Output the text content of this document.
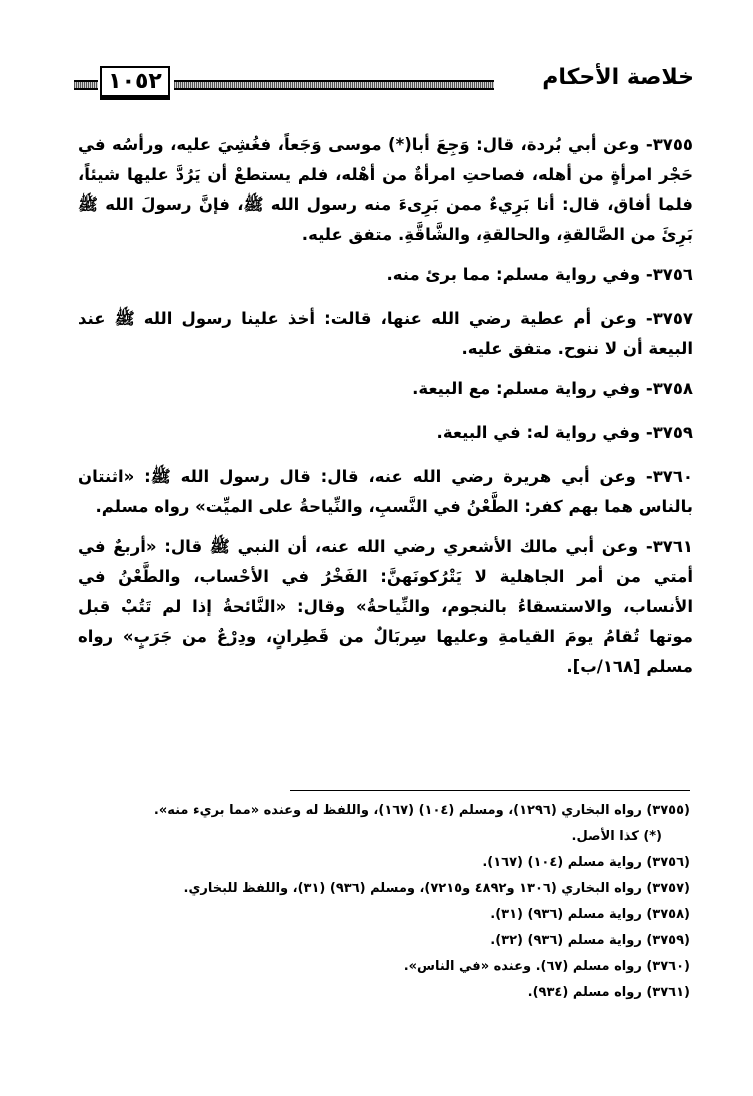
خلاصة الأحكام
١٠٥٢

٣٧٥٥- وعن أبي بُردة، قال: وَجِعَ أبا(*) موسى وَجَعاً، فغُشِيَ عليه، ورأسُه في حَجْر امرأةٍ من أهله، فصاحتِ امرأةٌ من أهْله، فلم يستطعْ أن يَرُدَّ عليها شيئاً، فلما أفاق، قال: أنا بَرِيءٌ ممن بَرِىءَ منه رسول الله ﷺ، فإنَّ رسولَ الله ﷺ بَرِئَ من الصَّالقةِ، والحالقةِ، والشَّاقَّةِ. متفق عليه.

٣٧٥٦- وفي رواية مسلم: مما برئ منه.

٣٧٥٧- وعن أم عطية رضي الله عنها، قالت: أخذ علينا رسول الله ﷺ عند البيعة أن لا ننوح. متفق عليه.

٣٧٥٨- وفي رواية مسلم: مع البيعة.

٣٧٥٩- وفي رواية له: في البيعة.

٣٧٦٠- وعن أبي هريرة رضي الله عنه، قال: قال رسول الله ﷺ: «اثنتان بالناس هما بهم كفر: الطَّعْنُ في النَّسبِ، والنِّياحةُ على الميِّت» رواه مسلم.

٣٧٦١- وعن أبي مالك الأشعري رضي الله عنه، أن النبي ﷺ قال: «أربعٌ في أمتي من أمر الجاهلية لا يَتْرُكونَهنَّ: الفَخْرُ في الأحْساب، والطَّعْنُ في الأنساب، والاستسقاءُ بالنجوم، والنِّياحةُ» وقال: «النَّائحةُ إذا لم تَتُبْ قبل موتها تُقامُ يومَ القيامةِ وعليها سِربَالٌ من قَطِرانٍ، ودِرْعٌ من جَرَبٍ» رواه مسلم [١٦٨/ب].

(٣٧٥٥) رواه البخاري (١٢٩٦)، ومسلم (١٠٤) (١٦٧)، واللفظ له وعنده «مما بريء منه».

(*) كذا الأصل.

(٣٧٥٦) رواية مسلم (١٠٤) (١٦٧).

(٣٧٥٧) رواه البخاري (١٣٠٦ و٤٨٩٢ و٧٢١٥)، ومسلم (٩٣٦) (٣١)، واللفظ للبخاري.

(٣٧٥٨) رواية مسلم (٩٣٦) (٣١).

(٣٧٥٩) رواية مسلم (٩٣٦) (٣٢).

(٣٧٦٠) رواه مسلم (٦٧). وعنده «في الناس».

(٣٧٦١) رواه مسلم (٩٣٤).
